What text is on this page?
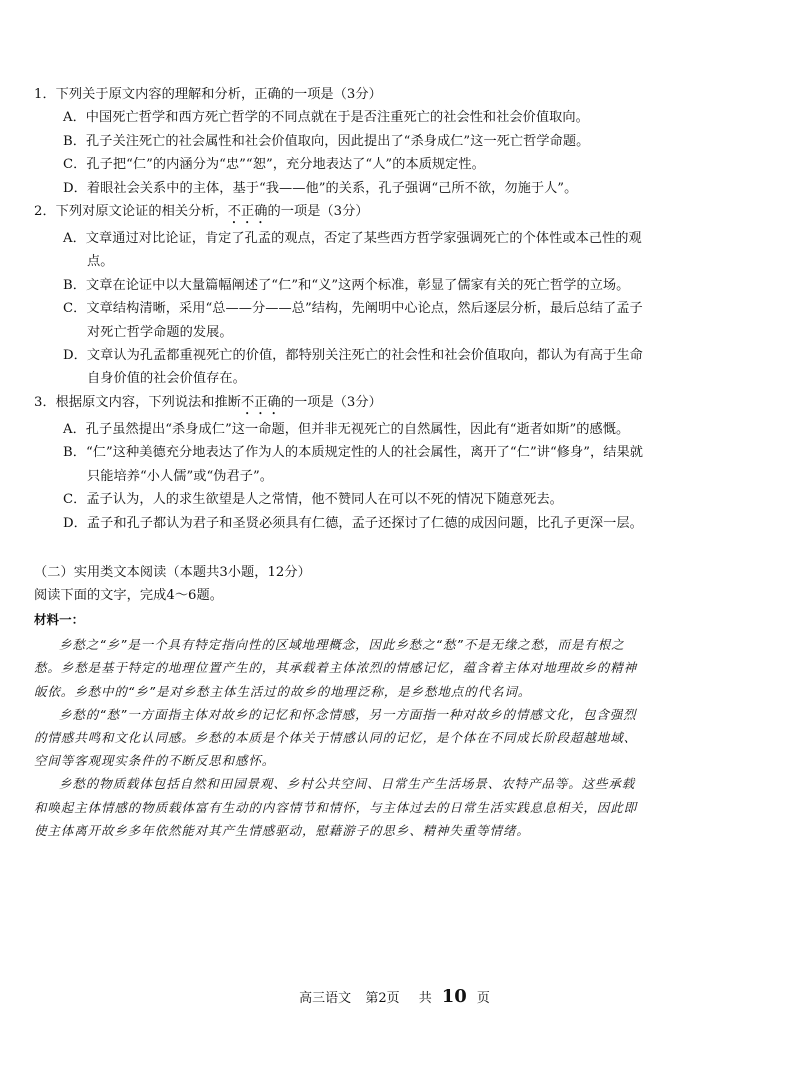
1．下列关于原文内容的理解和分析，正确的一项是（3分）
A．中国死亡哲学和西方死亡哲学的不同点就在于是否注重死亡的社会性和社会价值取向。
B．孔子关注死亡的社会属性和社会价值取向，因此提出了“杀身成仁”这一死亡哲学命题。
C．孔子把“仁”的内涵分为“忠”“恕”，充分地表达了“人”的本质规定性。
D．着眼社会关系中的主体，基于“我——他”的关系，孔子强调“己所不欲，勿施于人”。
2．下列对原文论证的相关分析，不正确的一项是（3分）
A．文章通过对比论证，肯定了孔孟的观点，否定了某些西方哲学家强调死亡的个体性或本己性的观点。
B．文章在论证中以大量篇幅阐述了“仁”和“义”这两个标准，彰显了儒家有关的死亡哲学的立场。
C．文章结构清晰，采用“总——分——总”结构，先阐明中心论点，然后逐层分析，最后总结了孟子对死亡哲学命题的发展。
D．文章认为孔孟都重视死亡的价值，都特别关注死亡的社会性和社会价值取向，都认为有高于生命自身价值的社会价值存在。
3．根据原文内容，下列说法和推断不正确的一项是（3分）
A．孔子虽然提出“杀身成仁”这一命题，但并非无视死亡的自然属性，因此有“逝者如斯”的感慨。
B．“仁”这种美德充分地表达了作为人的本质规定性的人的社会属性，离开了“仁”讲“修身”，结果就只能培养“小人儒”或“伪君子”。
C．孟子认为，人的求生欲望是人之常情，他不赞同人在可以不死的情况下随意死去。
D．孟子和孔子都认为君子和圣贤必须具有仁德，孟子还探讨了仁德的成因问题，比孔子更深一层。
（二）实用类文本阅读（本题共3小题，12分）
阅读下面的文字，完成4～6题。
材料一：

乡愁之“乡”是一个具有特定指向性的区域地理概念，因此乡愁之“愁”不是无缘之愁，而是有根之愁。乡愁是基于特定的地理位置产生的，其承载着主体浓烈的情感记忆，蕴含着主体对地理故乡的精神皈依。乡愁中的“乡”是对乡愁主体生活过的故乡的地理泛称，是乡愁地点的代名词。

乡愁的“愁”一方面指主体对故乡的记忆和怀念情感，另一方面指一种对故乡的情感文化，包含强烈的情感共鸣和文化认同感。乡愁的本质是个体关于情感认同的记忆，是个体在不同成长阶段超越地域、空间等客观现实条件的不断反思和感怀。

乡愁的物质载体包括自然和田园景观、乡村公共空间、日常生产生活场景、农特产品等。这些承载和唤起主体情感的物质载体富有生动的内容情节和情怀，与主体过去的日常生活实践息息相关，因此即使主体离开故乡多年依然能对其产生情感驱动，慰藉游子的思乡、精神失重等情绪。

高三语文 第2页 共 10 页
